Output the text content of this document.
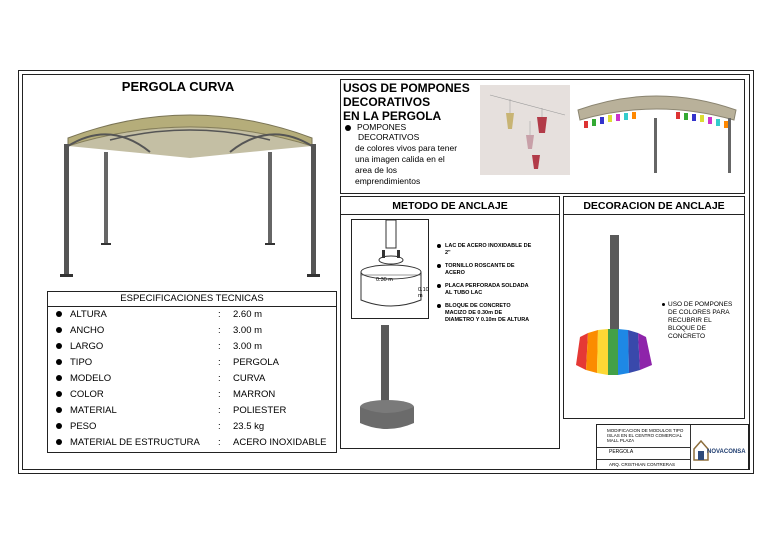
PERGOLA CURVA
ESPECIFICACIONES TECNICAS
ALTURA	: 2.60 m
ANCHO	: 3.00 m
LARGO	: 3.00 m
TIPO	: PERGOLA
MODELO	: CURVA
COLOR	: MARRON
MATERIAL	: POLIESTER
PESO	: 23.5 kg
MATERIAL DE ESTRUCTURA : ACERO INOXIDABLE
USOS DE POMPONES
DECORATIVOS
EN LA PERGOLA
POMPONES
DECORATIVOS
de colores vivos para tener
una imagen calida en el
area de los
emprendimientos
METODO DE ANCLAJE
0.30 m
0.10 m
LAC DE ACERO INOXIDABLE DE
2"
TORNILLO ROSCANTE DE
ACERO
PLACA PERFORADA SOLDADA
AL TUBO LAC
BLOQUE DE CONCRETO
MACIZO DE 0.30m DE
DIAMETRO Y 0.10m DE ALTURA
DECORACION DE ANCLAJE
USO DE POMPONES
DE COLORES PARA
RECUBRIR EL
BLOQUE DE
CONCRETO
MODIFICACION DE MODULOS TIPO
ISLAS EN EL CENTRO COMERCIAL
MALL PLAZA
PERGOLA
ARQ. CRISTHIAN CONTRERAS
NOVACONSA
